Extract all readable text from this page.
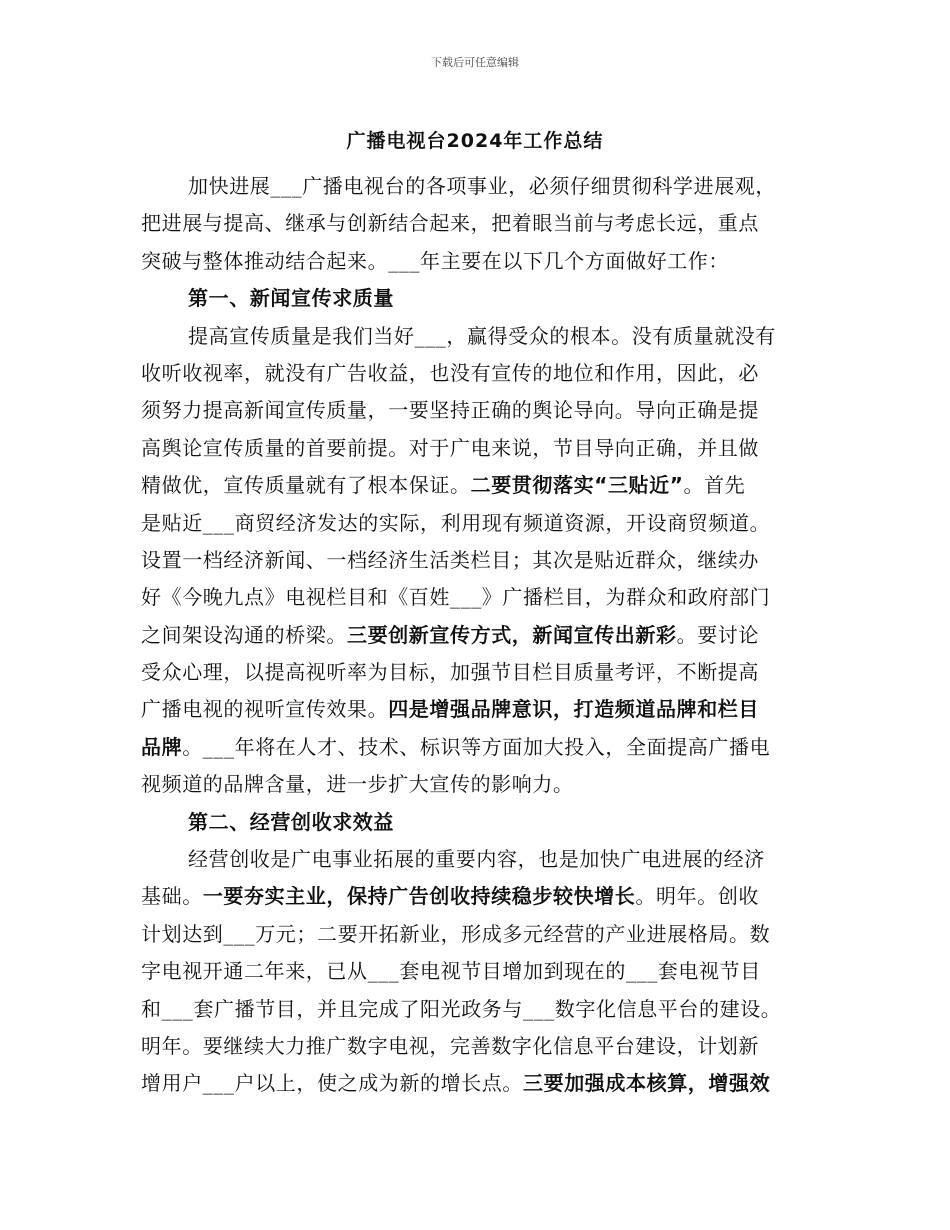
下载后可任意编辑
广播电视台2024年工作总结
加快进展___广播电视台的各项事业，必须仔细贯彻科学进展观，
把进展与提高、继承与创新结合起来，把着眼当前与考虑长远，重点
突破与整体推动结合起来。___年主要在以下几个方面做好工作：
第一、新闻宣传求质量
提高宣传质量是我们当好___，赢得受众的根本。没有质量就没有
收听收视率，就没有广告收益，也没有宣传的地位和作用，因此，必
须努力提高新闻宣传质量，一要坚持正确的舆论导向。导向正确是提
高舆论宣传质量的首要前提。对于广电来说，节目导向正确，并且做
精做优，宣传质量就有了根本保证。二要贯彻落实“三贴近”。首先
是贴近___商贸经济发达的实际，利用现有频道资源，开设商贸频道。
设置一档经济新闻、一档经济生活类栏目；其次是贴近群众，继续办
好《今晚九点》电视栏目和《百姓___》广播栏目，为群众和政府部门
之间架设沟通的桥梁。三要创新宣传方式，新闻宣传出新彩。要讨论
受众心理，以提高视听率为目标，加强节目栏目质量考评，不断提高
广播电视的视听宣传效果。四是增强品牌意识，打造频道品牌和栏目
品牌。___年将在人才、技术、标识等方面加大投入，全面提高广播电
视频道的品牌含量，进一步扩大宣传的影响力。
第二、经营创收求效益
经营创收是广电事业拓展的重要内容，也是加快广电进展的经济
基础。一要夯实主业，保持广告创收持续稳步较快增长。明年。创收
计划达到___万元；二要开拓新业，形成多元经营的产业进展格局。数
字电视开通二年来，已从___套电视节目增加到现在的___套电视节目
和___套广播节目，并且完成了阳光政务与___数字化信息平台的建设。
明年。要继续大力推广数字电视，完善数字化信息平台建设，计划新
增用户___户以上，使之成为新的增长点。三要加强成本核算，增强效
